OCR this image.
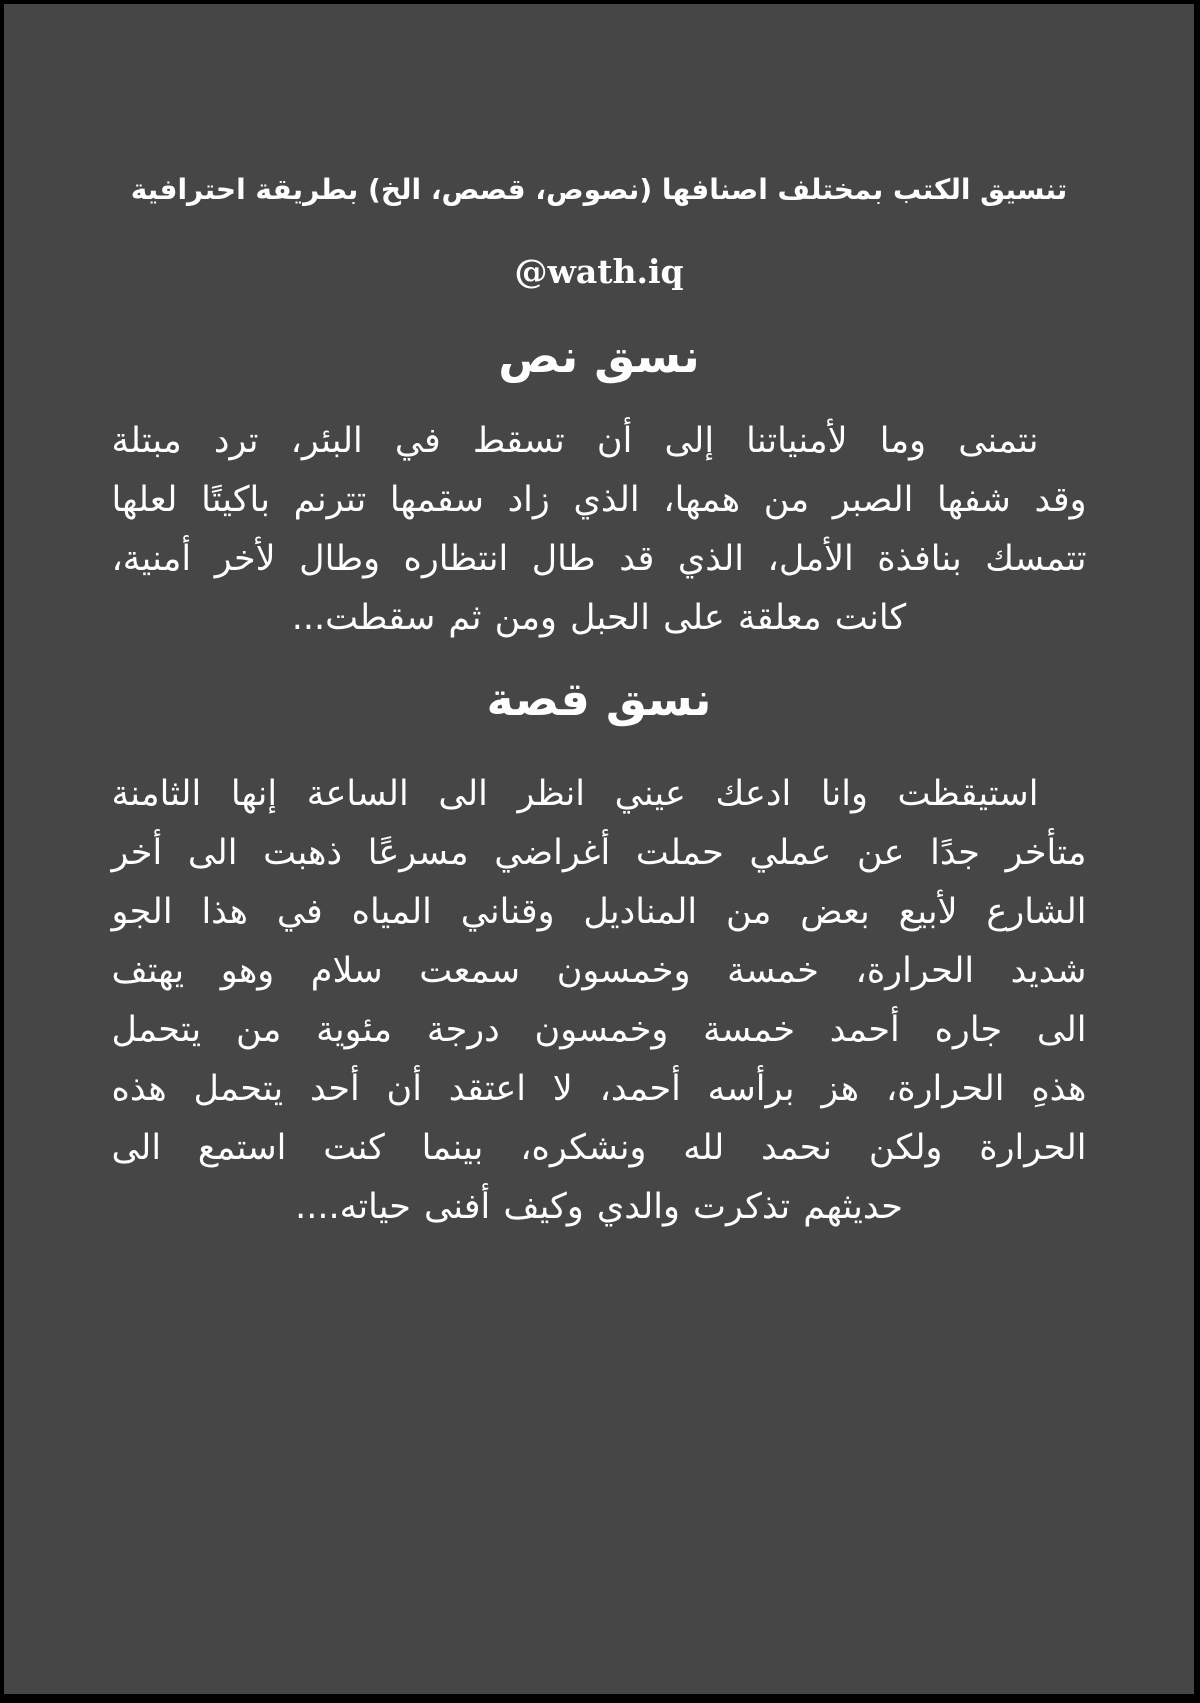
تنسيق الكتب بمختلف اصنافها (نصوص، قصص، الخ) بطريقة احترافية
@wath.iq
نسق نص
نتمنى وما لأمنياتنا إلى أن تسقط في البئر، ترد مبتلة
وقد شفها الصبر من همها، الذي زاد سقمها تترنم باكيتًا لعلها
تتمسك بنافذة الأمل، الذي قد طال انتظاره وطال لأخر أمنية،
كانت معلقة على الحبل ومن ثم سقطت...
نسق قصة
استيقظت وانا ادعك عيني انظر الى الساعة إنها الثامنة
متأخر جدًا عن عملي حملت أغراضي مسرعًا ذهبت الى أخر
الشارع لأبيع بعض من المناديل وقناني المياه في هذا الجو
شديد الحرارة، خمسة وخمسون سمعت سلام وهو يهتف
الى جاره أحمد خمسة وخمسون درجة مئوية من يتحمل
هذهِ الحرارة، هز برأسه أحمد، لا اعتقد أن أحد يتحمل هذه
الحرارة ولكن نحمد لله ونشكره، بينما كنت استمع الى
حديثهم تذكرت والدي وكيف أفنى حياته....
